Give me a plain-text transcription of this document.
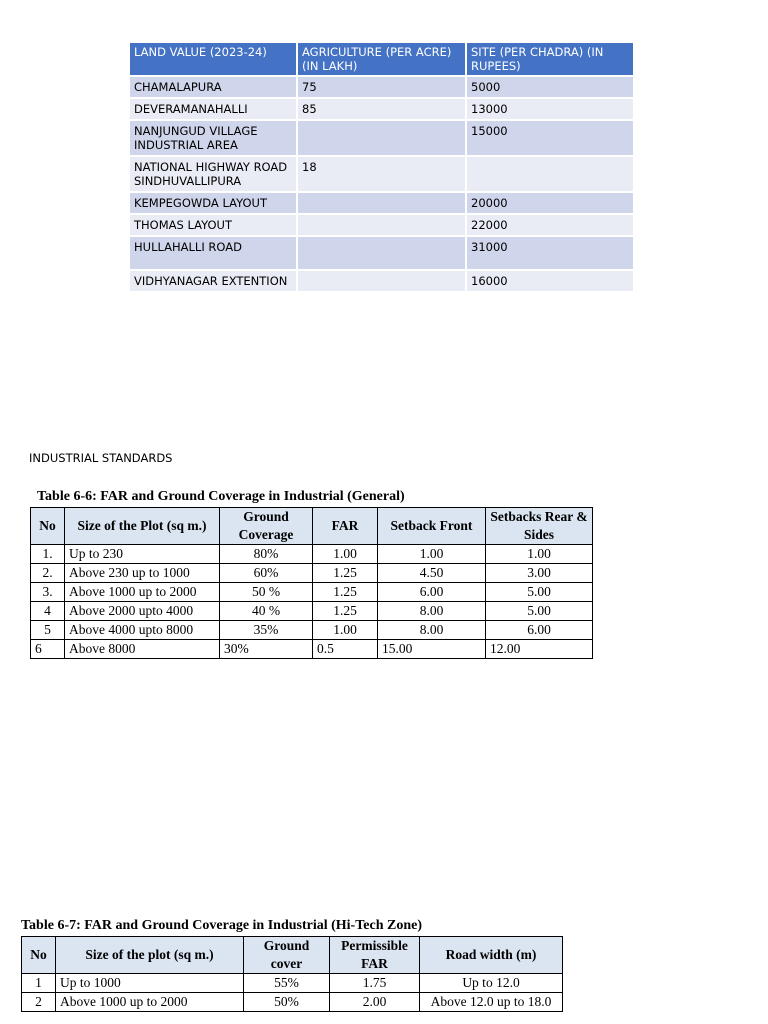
LAND VALUE (2023-24)	AGRICULTURE (PER ACRE) (IN LAKH)	SITE (PER CHADRA) (IN RUPEES)
CHAMALAPURA	75	5000
DEVERAMANAHALLI	85	13000
NANJUNGUD VILLAGE INDUSTRIAL AREA		15000
NATIONAL HIGHWAY ROAD SINDHUVALLIPURA	18	
KEMPEGOWDA LAYOUT		20000
THOMAS LAYOUT		22000
HULLAHALLI ROAD		31000
VIDHYANAGAR EXTENTION		16000
INDUSTRIAL STANDARDS
Table 6-6: FAR and Ground Coverage in Industrial (General)
No	Size of the Plot (sq m.)	Ground Coverage	FAR	Setback Front	Setbacks Rear & Sides
1.	Up to 230	80%	1.00	1.00	1.00
2.	Above 230 up to 1000	60%	1.25	4.50	3.00
3.	Above 1000 up to 2000	50 %	1.25	6.00	5.00
4	Above 2000 upto 4000	40 %	1.25	8.00	5.00
5	Above 4000 upto 8000	35%	1.00	8.00	6.00
6	Above 8000	30%	0.5	15.00	12.00
Table 6-7: FAR and Ground Coverage in Industrial (Hi-Tech Zone)
No	Size of the plot (sq m.)	Ground cover	Permissible FAR	Road width (m)
1	Up to 1000	55%	1.75	Up to 12.0
2	Above 1000 up to 2000	50%	2.00	Above 12.0 up to 18.0
